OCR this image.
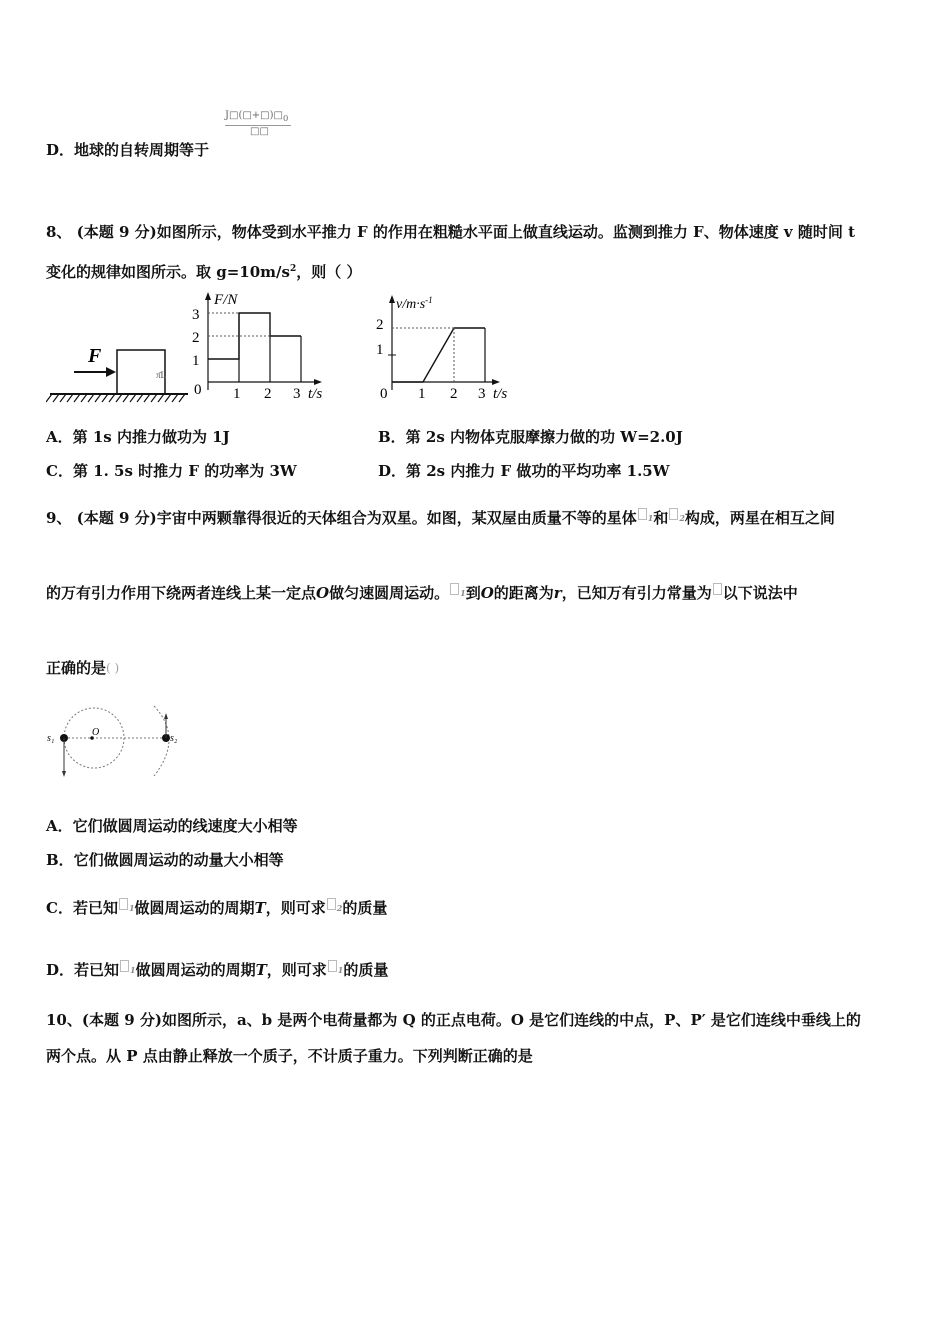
$J□(□+□)□_0$
□□
D．地球的自转周期等于
8、 (本题 9 分)如图所示，物体受到水平推力 F 的作用在粗糙水平面上做直线运动。监测到推力 F、物体速度 v 随时间 t
变化的规律如图所示。取 $g=10m/s^2$，则（ ）
F
π̄L
F/N
3
2
1
0 1 2 3 t/s
$v/m\cdot s^{-1}$
2
1
0 1 2 3 t/s
A．第 1s 内推力做功为 1J	B．第 2s 内物体克服摩擦力做的功 W=2.0J
C．第 1. 5s 时推力 F 的功率为 3W	D．第 2s 内推力 F 做功的平均功率 1.5W
9、 (本题 9 分)宇宙中两颗靠得很近的天体组合为双星。如图，某双屋由质量不等的星体 $^1$和 $^2$构成，两星在相互之间
的万有引力作用下绕两者连线上某一定点O做匀速圆周运动。 $^1$到O的距离为r，已知万有引力常量为 以下说法中
正确的是( )
s₁	s₂
O
A．它们做圆周运动的线速度大小相等
B．它们做圆周运动的动量大小相等
C．若已知 $^1$做圆周运动的周期T，则可求 $^2$的质量
D．若已知 $^1$做圆周运动的周期T，则可求 $^1$的质量
10、(本题 9 分)如图所示，a、b 是两个电荷量都为 Q 的正点电荷。O 是它们连线的中点，P、P′ 是它们连线中垂线上的
两个点。从 P 点由静止释放一个质子，不计质子重力。下列判断正确的是
